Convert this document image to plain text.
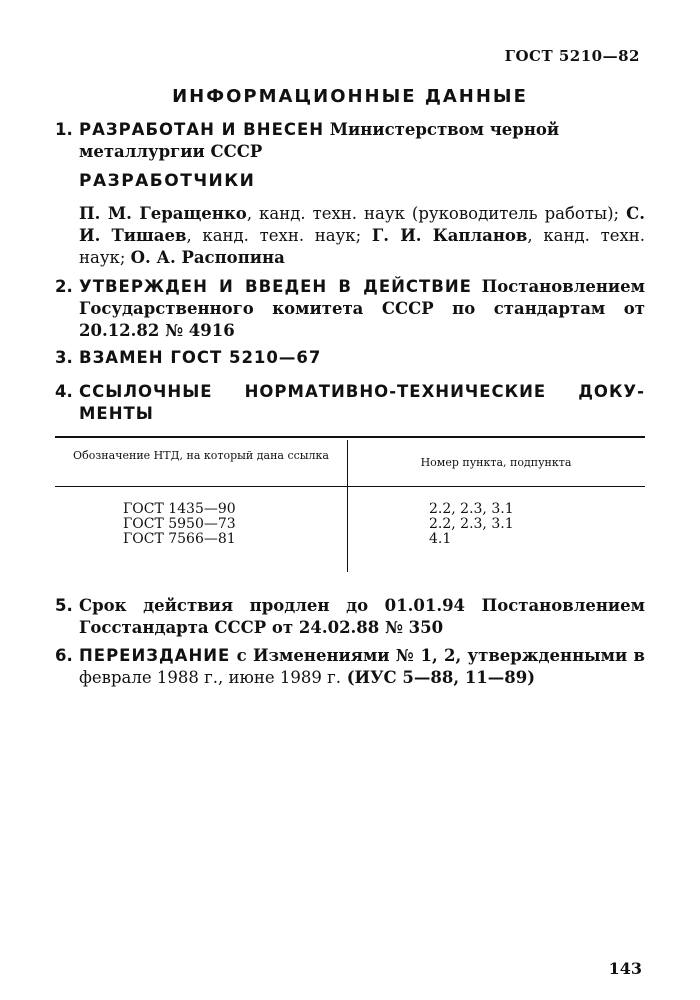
ГОСТ 5210—82
ИНФОРМАЦИОННЫЕ ДАННЫЕ
1. РАЗРАБОТАН И ВНЕСЕН Министерством черной металлургии СССР
РАЗРАБОТЧИКИ
П. М. Геращенко, канд. техн. наук (руководитель работы); С. И. Тишаев, канд. техн. наук; Г. И. Капланов, канд. техн. наук; О. А. Распопина
2. УТВЕРЖДЕН И ВВЕДЕН В ДЕЙСТВИЕ Постановлением Государственного комитета СССР по стандартам от 20.12.82 № 4916
3. ВЗАМЕН ГОСТ 5210—67
4. ССЫЛОЧНЫЕ НОРМАТИВНО-ТЕХНИЧЕСКИЕ ДОКУ-
МЕНТЫ
Обозначение НТД, на который дана ссылка
Номер пункта, подпункта
ГОСТ 1435—90
ГОСТ 5950—73
ГОСТ 7566—81
2.2, 2.3, 3.1
2.2, 2.3, 3.1
4.1
5. Срок действия продлен до 01.01.94 Постановлением Госстандарта СССР от 24.02.88 № 350
6. ПЕРЕИЗДАНИЕ с Изменениями № 1, 2, утвержденными в феврале 1988 г., июне 1989 г. (ИУС 5—88, 11—89)
143
